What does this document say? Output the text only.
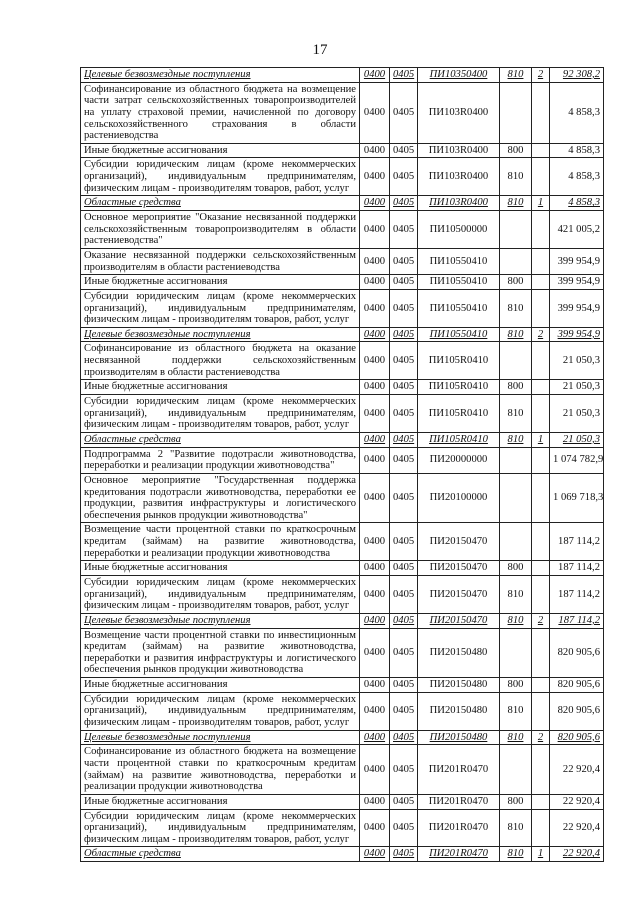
17
Целевые безвозмездные поступления	0400	0405	ПИ10350400	810	2	92 308,2
Софинансирование из областного бюджета на возмещение части затрат сельскохозяйственных товаропроизводителей на уплату страховой премии, начисленной по договору сельскохозяйственного страхования в области растениеводства	0400	0405	ПИ103R0400			4 858,3
Иные бюджетные ассигнования	0400	0405	ПИ103R0400	800		4 858,3
Субсидии юридическим лицам (кроме некоммерческих организаций), индивидуальным предпринимателям, физическим лицам - производителям товаров, работ, услуг	0400	0405	ПИ103R0400	810		4 858,3
Областные средства	0400	0405	ПИ103R0400	810	1	4 858,3
Основное мероприятие "Оказание несвязанной поддержки сельскохозяйственным товаропроизводителям в области растениеводства"	0400	0405	ПИ10500000			421 005,2
Оказание несвязанной поддержки сельскохозяйственным производителям в области растениеводства	0400	0405	ПИ10550410			399 954,9
Иные бюджетные ассигнования	0400	0405	ПИ10550410	800		399 954,9
Субсидии юридическим лицам (кроме некоммерческих организаций), индивидуальным предпринимателям, физическим лицам - производителям товаров, работ, услуг	0400	0405	ПИ10550410	810		399 954,9
Целевые безвозмездные поступления	0400	0405	ПИ10550410	810	2	399 954,9
Софинансирование из областного бюджета на оказание несвязанной поддержки сельскохозяйственным производителям в области растениеводства	0400	0405	ПИ105R0410			21 050,3
Иные бюджетные ассигнования	0400	0405	ПИ105R0410	800		21 050,3
Субсидии юридическим лицам (кроме некоммерческих организаций), индивидуальным предпринимателям, физическим лицам - производителям товаров, работ, услуг	0400	0405	ПИ105R0410	810		21 050,3
Областные средства	0400	0405	ПИ105R0410	810	1	21 050,3
Подпрограмма 2 "Развитие подотрасли животноводства, переработки и реализации продукции животноводства"	0400	0405	ПИ20000000			1 074 782,9
Основное мероприятие "Государственная поддержка кредитования подотрасли животноводства, переработки ее продукции, развития инфраструктуры и логистического обеспечения рынков продукции животноводства"	0400	0405	ПИ20100000			1 069 718,3
Возмещение части процентной ставки по краткосрочным кредитам (займам) на развитие животноводства, переработки и реализации продукции животноводства	0400	0405	ПИ20150470			187 114,2
Иные бюджетные ассигнования	0400	0405	ПИ20150470	800		187 114,2
Субсидии юридическим лицам (кроме некоммерческих организаций), индивидуальным предпринимателям, физическим лицам - производителям товаров, работ, услуг	0400	0405	ПИ20150470	810		187 114,2
Целевые безвозмездные поступления	0400	0405	ПИ20150470	810	2	187 114,2
Возмещение части процентной ставки по инвестиционным кредитам (займам) на развитие животноводства, переработки и развития инфраструктуры и логистического обеспечения рынков продукции животноводства	0400	0405	ПИ20150480			820 905,6
Иные бюджетные ассигнования	0400	0405	ПИ20150480	800		820 905,6
Субсидии юридическим лицам (кроме некоммерческих организаций), индивидуальным предпринимателям, физическим лицам - производителям товаров, работ, услуг	0400	0405	ПИ20150480	810		820 905,6
Целевые безвозмездные поступления	0400	0405	ПИ20150480	810	2	820 905,6
Софинансирование из областного бюджета на возмещение части процентной ставки по краткосрочным кредитам (займам) на развитие животноводства, переработки и реализации продукции животноводства	0400	0405	ПИ201R0470			22 920,4
Иные бюджетные ассигнования	0400	0405	ПИ201R0470	800		22 920,4
Субсидии юридическим лицам (кроме некоммерческих организаций), индивидуальным предпринимателям, физическим лицам - производителям товаров, работ, услуг	0400	0405	ПИ201R0470	810		22 920,4
Областные средства	0400	0405	ПИ201R0470	810	1	22 920,4
